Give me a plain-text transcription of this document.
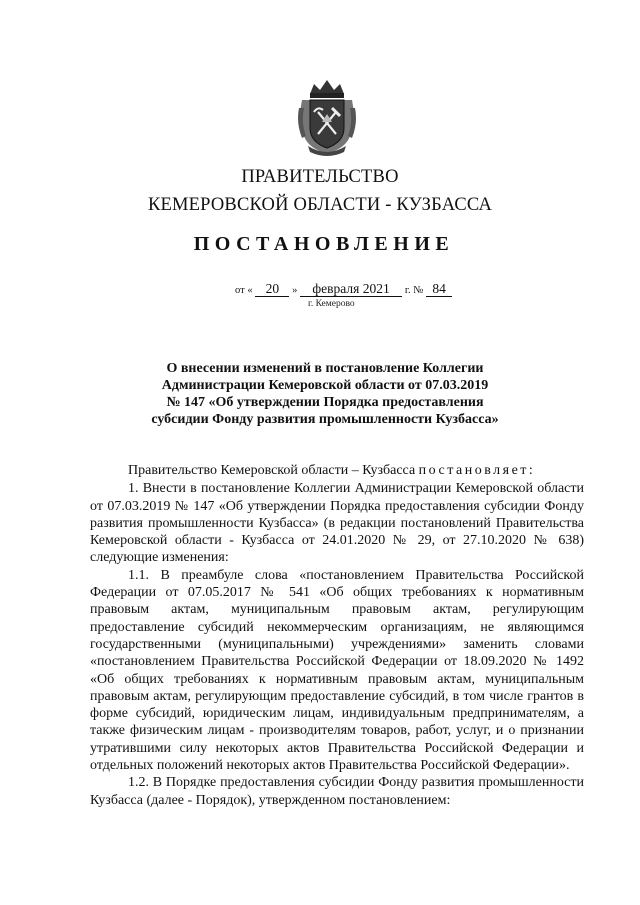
ПРАВИТЕЛЬСТВО
КЕМЕРОВСКОЙ ОБЛАСТИ - КУЗБАССА
ПОСТАНОВЛЕНИЕ
от « 20 » февраля 2021 г. № 84
г. Кемерово
О внесении изменений в постановление Коллегии
Администрации Кемеровской области от 07.03.2019
№ 147 «Об утверждении Порядка предоставления
субсидии Фонду развития промышленности Кузбасса»

Правительство Кемеровской области – Кузбасса постановляет:

1. Внести в постановление Коллегии Администрации Кемеровской области от 07.03.2019 № 147 «Об утверждении Порядка предоставления субсидии Фонду развития промышленности Кузбасса» (в редакции постановлений Правительства Кемеровской области - Кузбасса от 24.01.2020 № 29, от 27.10.2020 № 638) следующие изменения:

1.1. В преамбуле слова «постановлением Правительства Российской Федерации от 07.05.2017 № 541 «Об общих требованиях к нормативным правовым актам, муниципальным правовым актам, регулирующим предоставление субсидий некоммерческим организациям, не являющимся государственными (муниципальными) учреждениями» заменить словами «постановлением Правительства Российской Федерации от 18.09.2020 № 1492 «Об общих требованиях к нормативным правовым актам, муниципальным правовым актам, регулирующим предоставление субсидий, в том числе грантов в форме субсидий, юридическим лицам, индивидуальным предпринимателям, а также физическим лицам - производителям товаров, работ, услуг, и о признании утратившими силу некоторых актов Правительства Российской Федерации и отдельных положений некоторых актов Правительства Российской Федерации».

1.2. В Порядке предоставления субсидии Фонду развития промышленности Кузбасса (далее - Порядок), утвержденном постановлением:
